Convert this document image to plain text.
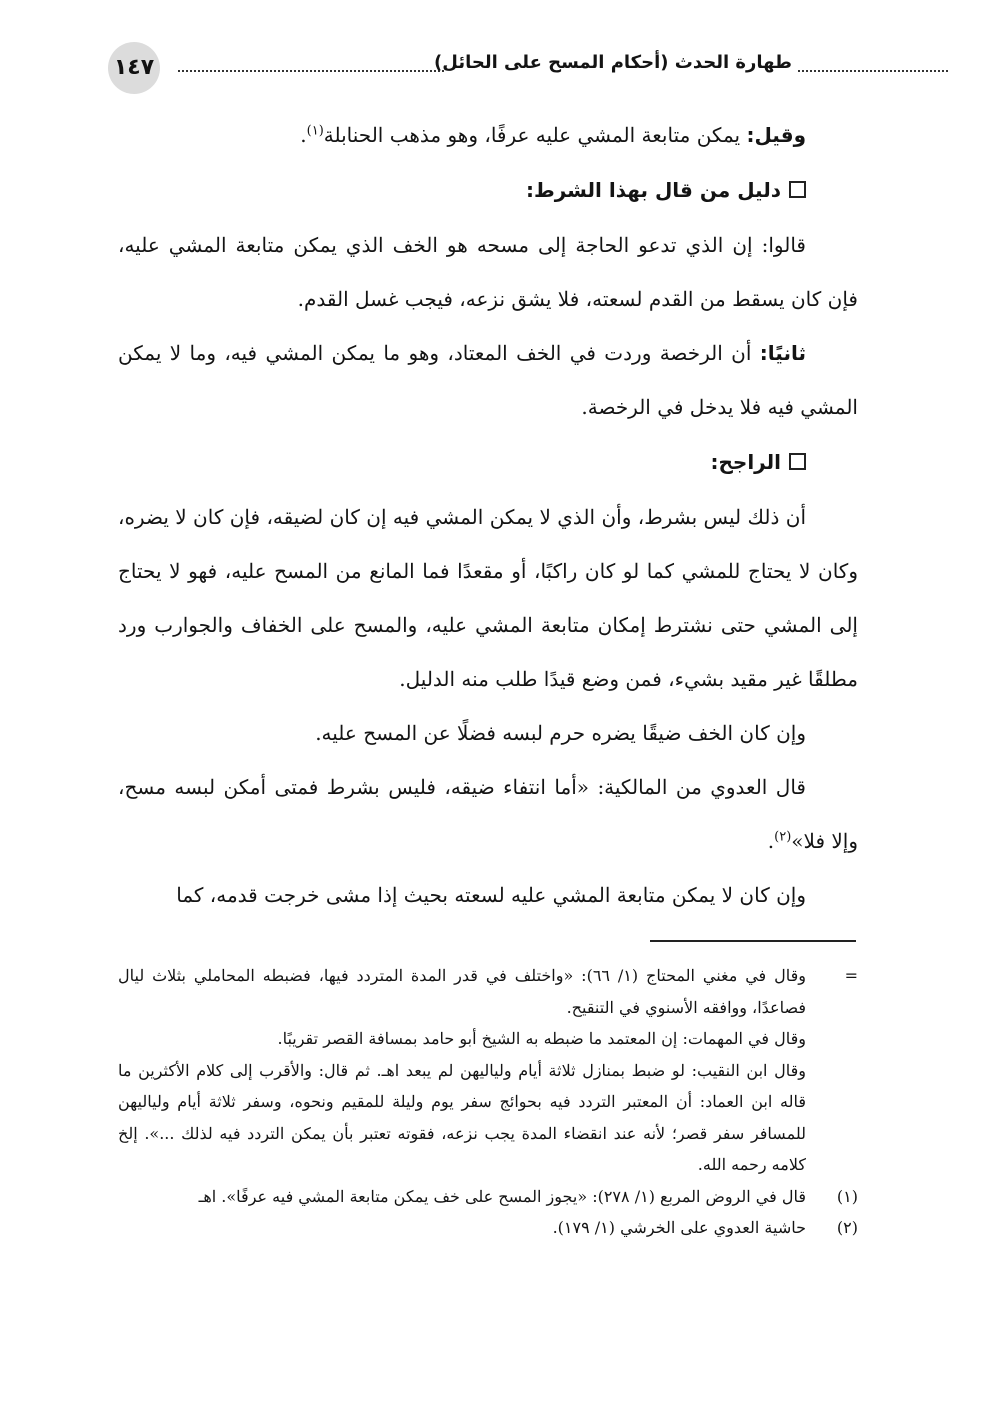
١٤٧	طهارة الحدث (أحكام المسح على الحائل)

وقيل: يمكن متابعة المشي عليه عرفًا، وهو مذهب الحنابلة$^{(١)}$.

دليل من قال بهذا الشرط:

قالوا: إن الذي تدعو الحاجة إلى مسحه هو الخف الذي يمكن متابعة المشي عليه، فإن كان يسقط من القدم لسعته، فلا يشق نزعه، فيجب غسل القدم.

ثانيًا: أن الرخصة وردت في الخف المعتاد، وهو ما يمكن المشي فيه، وما لا يمكن المشي فيه فلا يدخل في الرخصة.

الراجح:

أن ذلك ليس بشرط، وأن الذي لا يمكن المشي فيه إن كان لضيقه، فإن كان لا يضره، وكان لا يحتاج للمشي كما لو كان راكبًا، أو مقعدًا فما المانع من المسح عليه، فهو لا يحتاج إلى المشي حتى نشترط إمكان متابعة المشي عليه، والمسح على الخفاف والجوارب ورد مطلقًا غير مقيد بشيء، فمن وضع قيدًا طلب منه الدليل.

وإن كان الخف ضيقًا يضره حرم لبسه فضلًا عن المسح عليه.

قال العدوي من المالكية: «أما انتفاء ضيقه، فليس بشرط فمتى أمكن لبسه مسح، وإلا فلا»$^{(٢)}$.

وإن كان لا يمكن متابعة المشي عليه لسعته بحيث إذا مشى خرجت قدمه، كما

=
وقال في مغني المحتاج (١/ ٦٦): «واختلف في قدر المدة المتردد فيها، فضبطه المحاملي بثلاث ليال فصاعدًا، ووافقه الأسنوي في التنقيح.

وقال في المهمات: إن المعتمد ما ضبطه به الشيخ أبو حامد بمسافة القصر تقريبًا.

وقال ابن النقيب: لو ضبط بمنازل ثلاثة أيام ولياليهن لم يبعد اهـ. ثم قال: والأقرب إلى كلام الأكثرين ما قاله ابن العماد: أن المعتبر التردد فيه بحوائج سفر يوم وليلة للمقيم ونحوه، وسفر ثلاثة أيام ولياليهن للمسافر سفر قصر؛ لأنه عند انقضاء المدة يجب نزعه، فقوته تعتبر بأن يمكن التردد فيه لذلك ...». إلخ كلامه رحمه الله.

(١)قال في الروض المربع (١/ ٢٧٨): «يجوز المسح على خف يمكن متابعة المشي فيه عرفًا». اهـ

(٢)حاشية العدوي على الخرشي (١/ ١٧٩).
